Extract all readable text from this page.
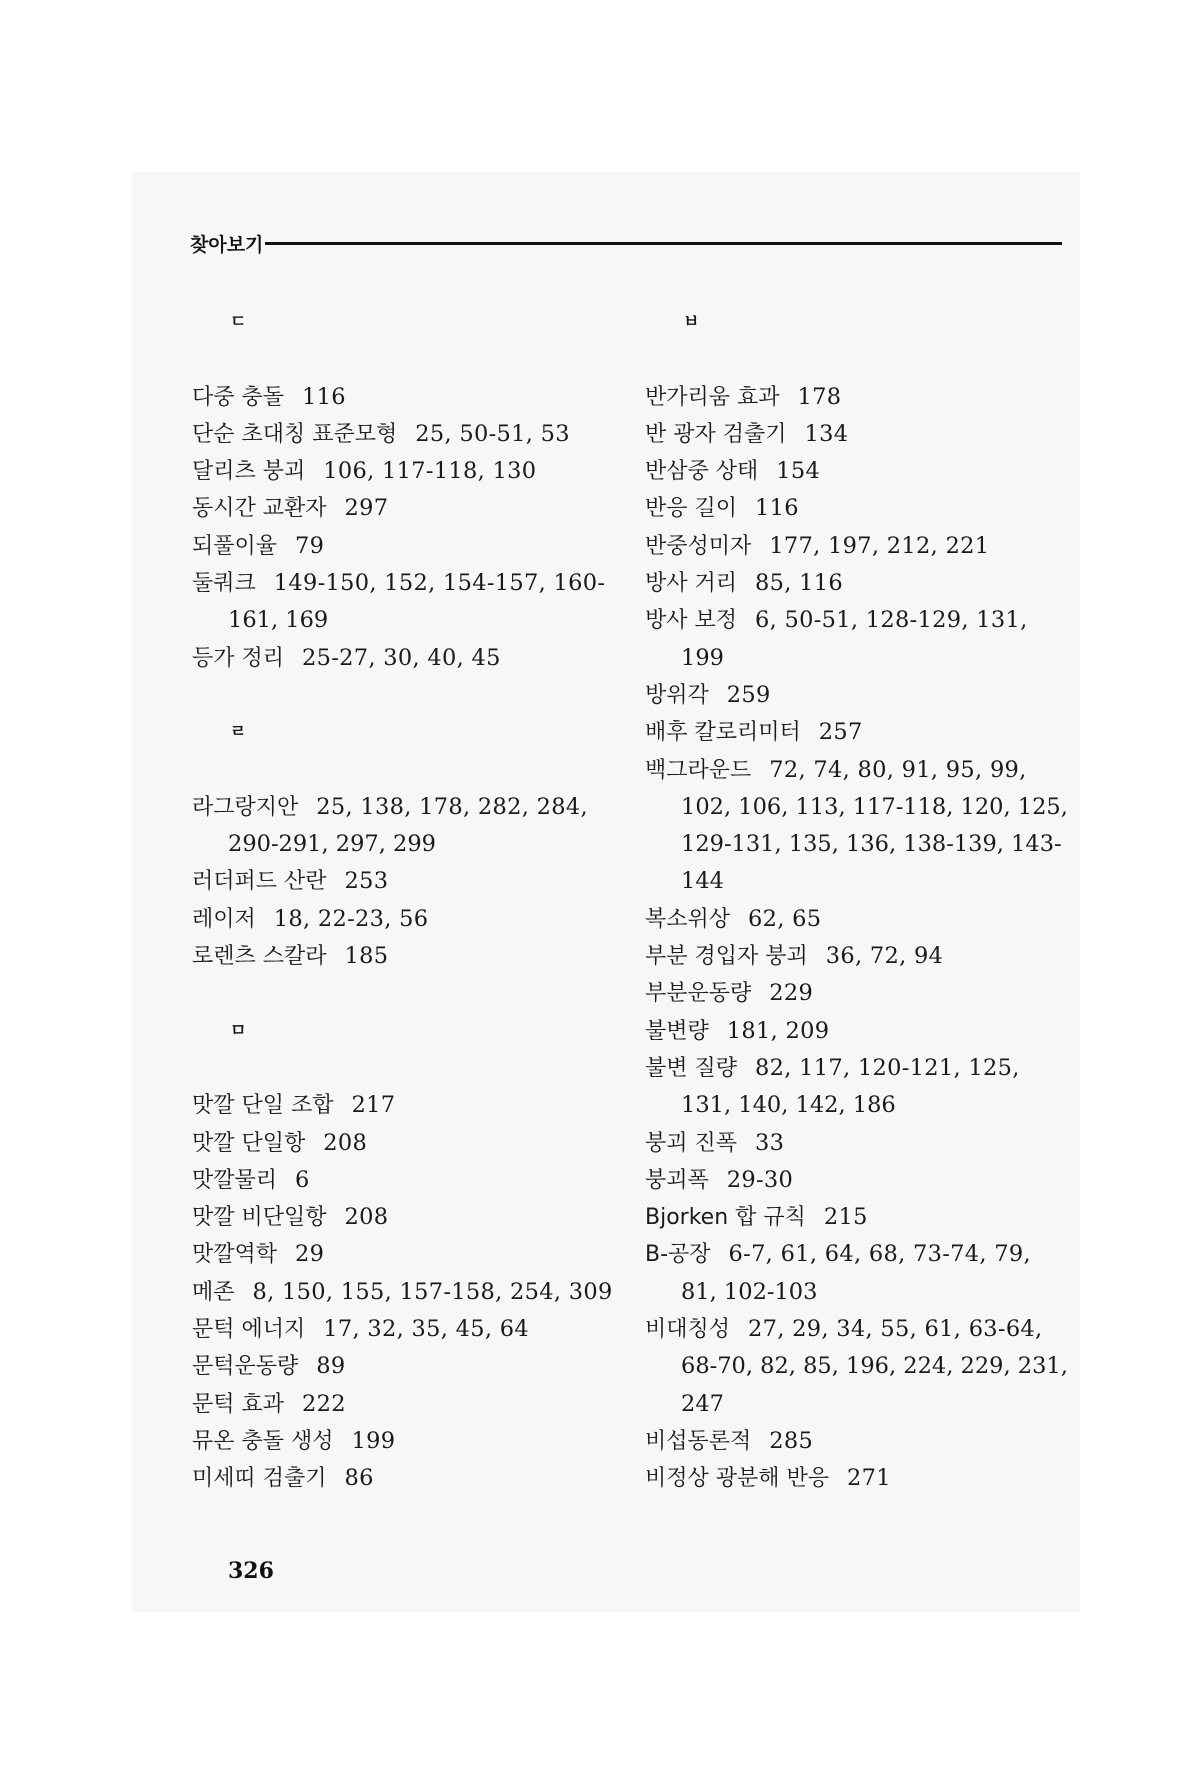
찾아보기
ㄷ
다중 충돌 116
단순 초대칭 표준모형 25, 50-51, 53
달리츠 붕괴 106, 117-118, 130
동시간 교환자 297
되풀이율 79
둘쿼크 149-150, 152, 154-157, 160-
161, 169
등가 정리 25-27, 30, 40, 45
ㄹ
라그랑지안 25, 138, 178, 282, 284,
290-291, 297, 299
러더퍼드 산란 253
레이저 18, 22-23, 56
로렌츠 스칼라 185
ㅁ
맛깔 단일 조합 217
맛깔 단일항 208
맛깔물리 6
맛깔 비단일항 208
맛깔역학 29
메존 8, 150, 155, 157-158, 254, 309
문턱 에너지 17, 32, 35, 45, 64
문턱운동량 89
문턱 효과 222
뮤온 충돌 생성 199
미세띠 검출기 86
ㅂ
반가리움 효과 178
반 광자 검출기 134
반삼중 상태 154
반응 길이 116
반중성미자 177, 197, 212, 221
방사 거리 85, 116
방사 보정 6, 50-51, 128-129, 131,
199
방위각 259
배후 칼로리미터 257
백그라운드 72, 74, 80, 91, 95, 99,
102, 106, 113, 117-118, 120, 125,
129-131, 135, 136, 138-139, 143-
144
복소위상 62, 65
부분 경입자 붕괴 36, 72, 94
부분운동량 229
불변량 181, 209
불변 질량 82, 117, 120-121, 125,
131, 140, 142, 186
붕괴 진폭 33
붕괴폭 29-30
Bjorken 합 규칙 215
B-공장 6-7, 61, 64, 68, 73-74, 79,
81, 102-103
비대칭성 27, 29, 34, 55, 61, 63-64,
68-70, 82, 85, 196, 224, 229, 231,
247
비섭동론적 285
비정상 광분해 반응 271
326
